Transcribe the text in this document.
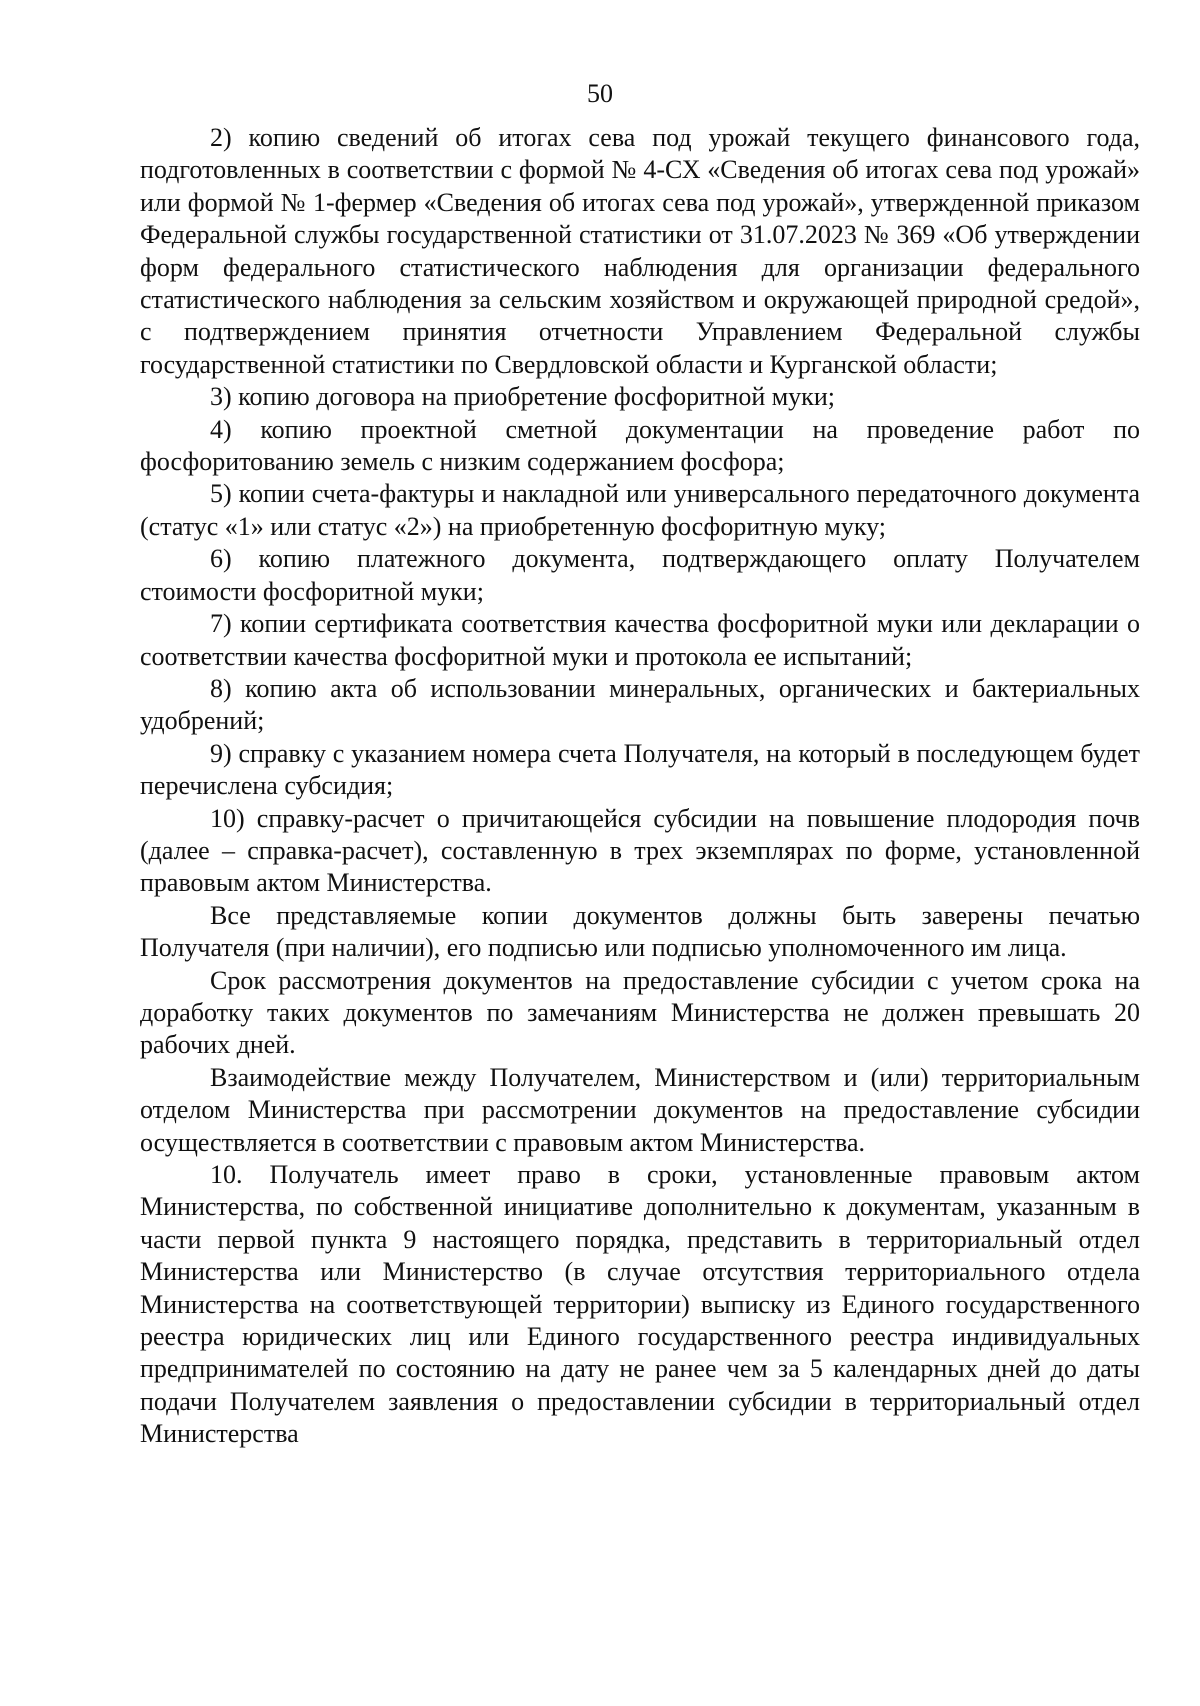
50

2) копию сведений об итогах сева под урожай текущего финансового года, подготовленных в соответствии с формой № 4-СХ «Сведения об итогах сева под урожай» или формой № 1-фермер «Сведения об итогах сева под урожай», утвержденной приказом Федеральной службы государственной статистики от 31.07.2023 № 369 «Об утверждении форм федерального статистического наблюдения для организации федерального статистического наблюдения за сельским хозяйством и окружающей природной средой», с подтверждением принятия отчетности Управлением Федеральной службы государственной статистики по Свердловской области и Курганской области;

3) копию договора на приобретение фосфоритной муки;

4) копию проектной сметной документации на проведение работ по фосфоритованию земель с низким содержанием фосфора;

5) копии счета-фактуры и накладной или универсального передаточного документа (статус «1» или статус «2») на приобретенную фосфоритную муку;

6) копию платежного документа, подтверждающего оплату Получателем стоимости фосфоритной муки;

7) копии сертификата соответствия качества фосфоритной муки или декларации о соответствии качества фосфоритной муки и протокола ее испытаний;

8) копию акта об использовании минеральных, органических и бактериальных удобрений;

9) справку с указанием номера счета Получателя, на который в последующем будет перечислена субсидия;

10) справку-расчет о причитающейся субсидии на повышение плодородия почв (далее – справка-расчет), составленную в трех экземплярах по форме, установленной правовым актом Министерства.

Все представляемые копии документов должны быть заверены печатью Получателя (при наличии), его подписью или подписью уполномоченного им лица.

Срок рассмотрения документов на предоставление субсидии с учетом срока на доработку таких документов по замечаниям Министерства не должен превышать 20 рабочих дней.

Взаимодействие между Получателем, Министерством и (или) территориальным отделом Министерства при рассмотрении документов на предоставление субсидии осуществляется в соответствии с правовым актом Министерства.

10. Получатель имеет право в сроки, установленные правовым актом Министерства, по собственной инициативе дополнительно к документам, указанным в части первой пункта 9 настоящего порядка, представить в территориальный отдел Министерства или Министерство (в случае отсутствия территориального отдела Министерства на соответствующей территории) выписку из Единого государственного реестра юридических лиц или Единого государственного реестра индивидуальных предпринимателей по состоянию на дату не ранее чем за 5 календарных дней до даты подачи Получателем заявления о предоставлении субсидии в территориальный отдел Министерства
